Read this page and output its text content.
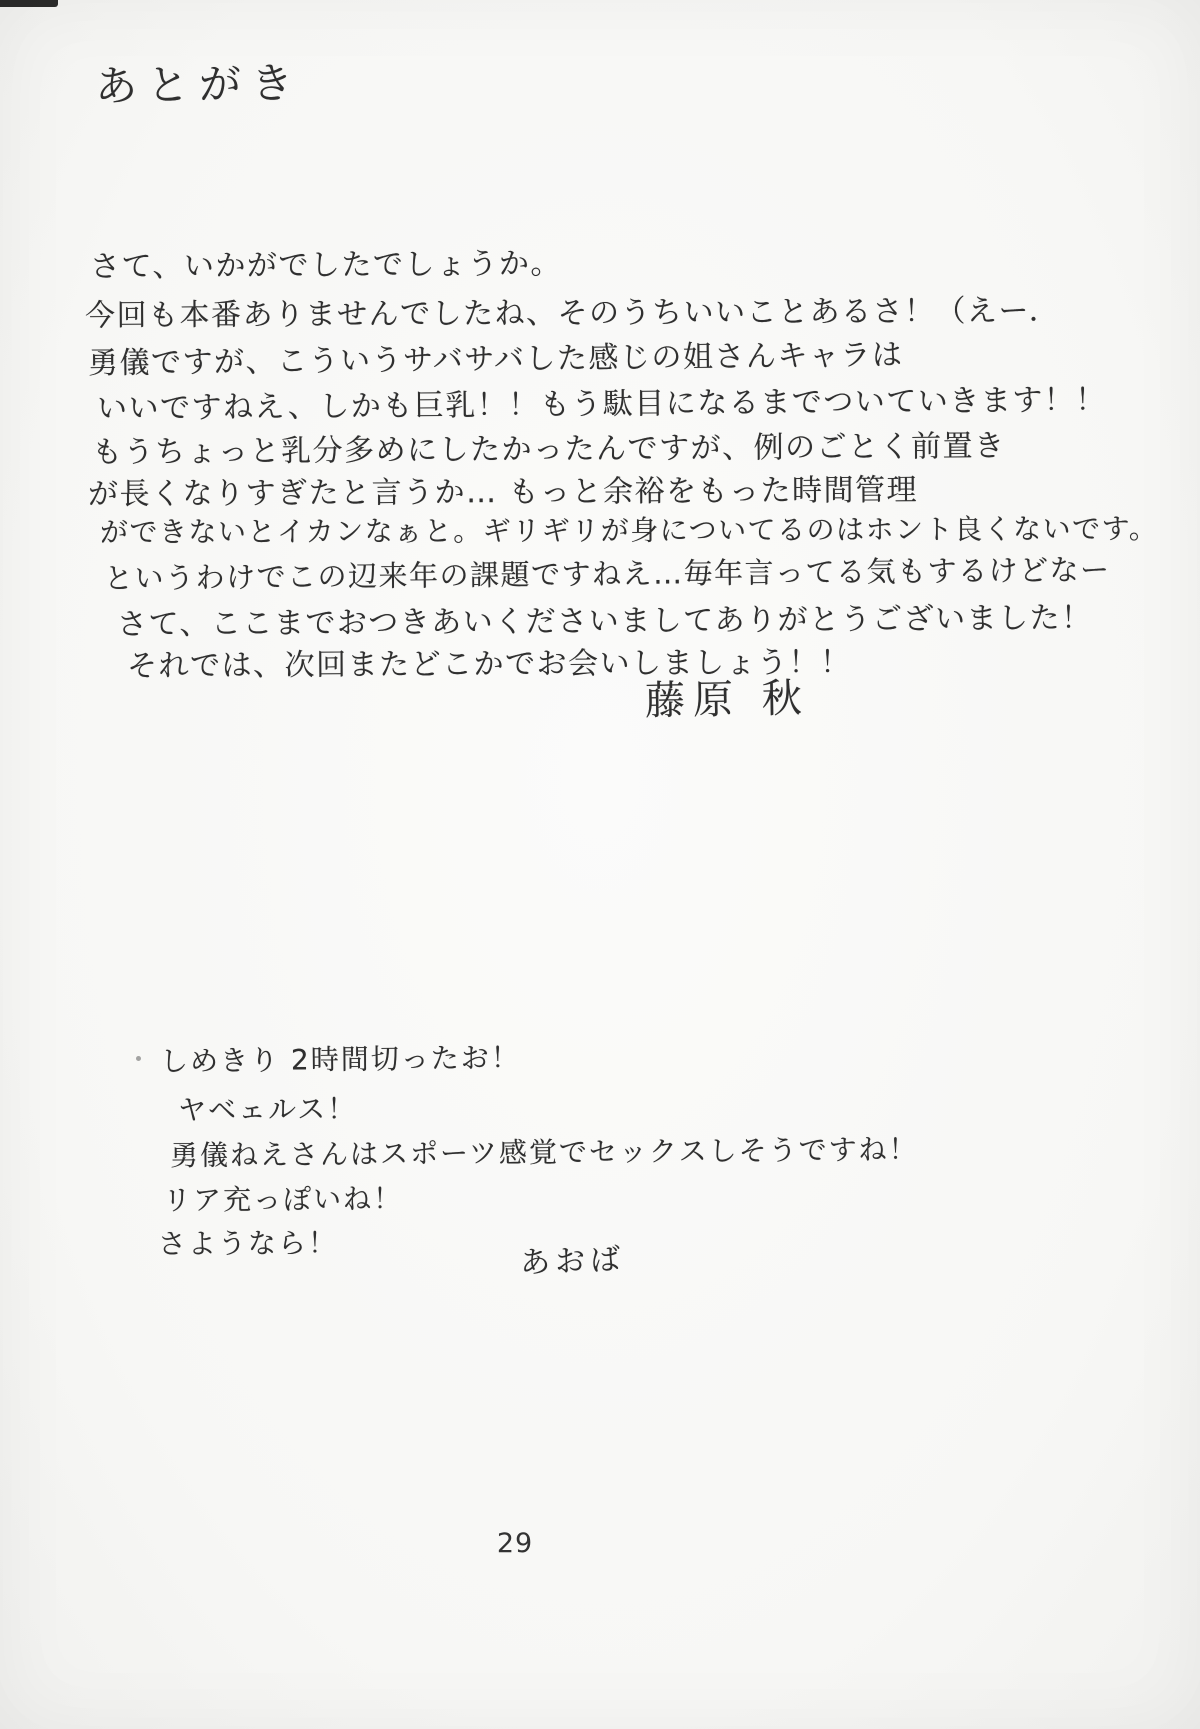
あとがき
さて、いかがでしたでしょうか。
今回も本番ありませんでしたね、そのうちいいことあるさ！（えー．
勇儀ですが、こういうサバサバした感じの姐さんキャラは
いいですねえ、しかも巨乳！！もう駄目になるまでついていきます！！
もうちょっと乳分多めにしたかったんですが、例のごとく前置き
が長くなりすぎたと言うか… もっと余裕をもった時間管理
ができないとイカンなぁと。ギリギリが身についてるのはホント良くないです。
というわけでこの辺来年の課題ですねえ…毎年言ってる気もするけどなー
さて、ここまでおつきあいくださいましてありがとうございました！
それでは、次回またどこかでお会いしましょう！！
藤原 秋
しめきり 2時間切ったお！
ヤベェルス！
勇儀ねえさんはスポーツ感覚でセックスしそうですね！
リア充っぽいね！
さようなら！	あおば
29
